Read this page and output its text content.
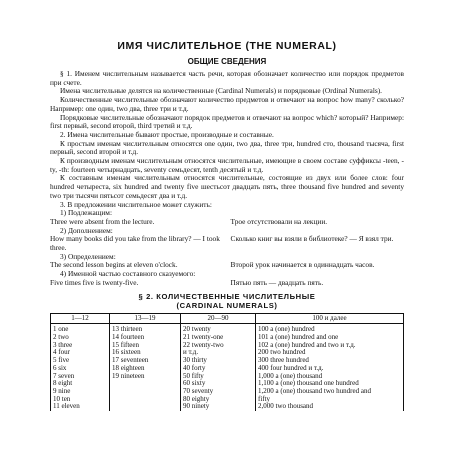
ИМЯ ЧИСЛИТЕЛЬНОЕ (THE NUMERAL)
ОБЩИЕ СВЕДЕНИЯ

§ 1. Именем числительным называется часть речи, которая обозначает количество или порядок предметов при счете.

Имена числительные делятся на количественные (Cardinal Numerals) и порядковые (Ordinal Numerals).

Количественные числительные обозначают количество предметов и отвечают на вопрос how many? сколько? Например: one один, two два, three три и т.д.

Порядковые числительные обозначают порядок предметов и отвечают на вопрос which? который? Например: first первый, second второй, third третий и т.д.

2. Имена числительные бывают простые, производные и составные.

К простым именам числительным относятся one один, two два, three три, hundred сто, thousand тысяча, first первый, second второй и т.д.

К производным именам числительным относятся числительные, имеющие в своем составе суффиксы -teen, -ty, -th: fourteen четырнадцать, seventy семьдесят, tenth десятый и т.д.

К составным именам числительным относятся числительные, состоящие из двух или более слов: four hundred четыреста, six hundred and twenty five шестьсот двадцать пять, three thousand five hundred and seventy two три тысячи пятьсот семьдесят два и т.д.

3. В предложении числительное может служить:

1) Подлежащим:
Three were absent from the lecture.	Трое отсутствовали на лекции.
2) Дополнением:
How many books did you take from the library? — I took three.
Сколько книг вы взяли в библиотеке? — Я взял три.
3) Определением:
The second lesson begins at eleven o'clock.	Второй урок начинается в одиннадцать часов.
4) Именной частью составного сказуемого:
Five times five is twenty-five.	Пятью пять — двадцать пять.
§ 2. КОЛИЧЕСТВЕННЫЕ ЧИСЛИТЕЛЬНЫЕ
(CARDINAL NUMERALS)
1—12	13—19	20—90	100 и далее
1 one	13 thirteen	20 twenty	100 a (one) hundred
2 two	14 fourteen	21 twenty-one	101 a (one) hundred and one
3 three	15 fifteen	22 twenty-two	102 a (one) hundred and two и т.д.
4 four	16 sixteen	и т.д.	200 two hundred
5 five	17 seventeen	30 thirty	300 three hundred
6 six	18 eighteen	40 forty	400 four hundred и т.д.
7 seven	19 nineteen	50 fifty	1,000 a (one) thousand
8 eight		60 sixty	1,100 a (one) thousand one hundred
9 nine		70 seventy	1,200 a (one) thousand two hundred and
10 ten		80 eighty	fifty
11 eleven		90 ninety	2,000 two thousand
